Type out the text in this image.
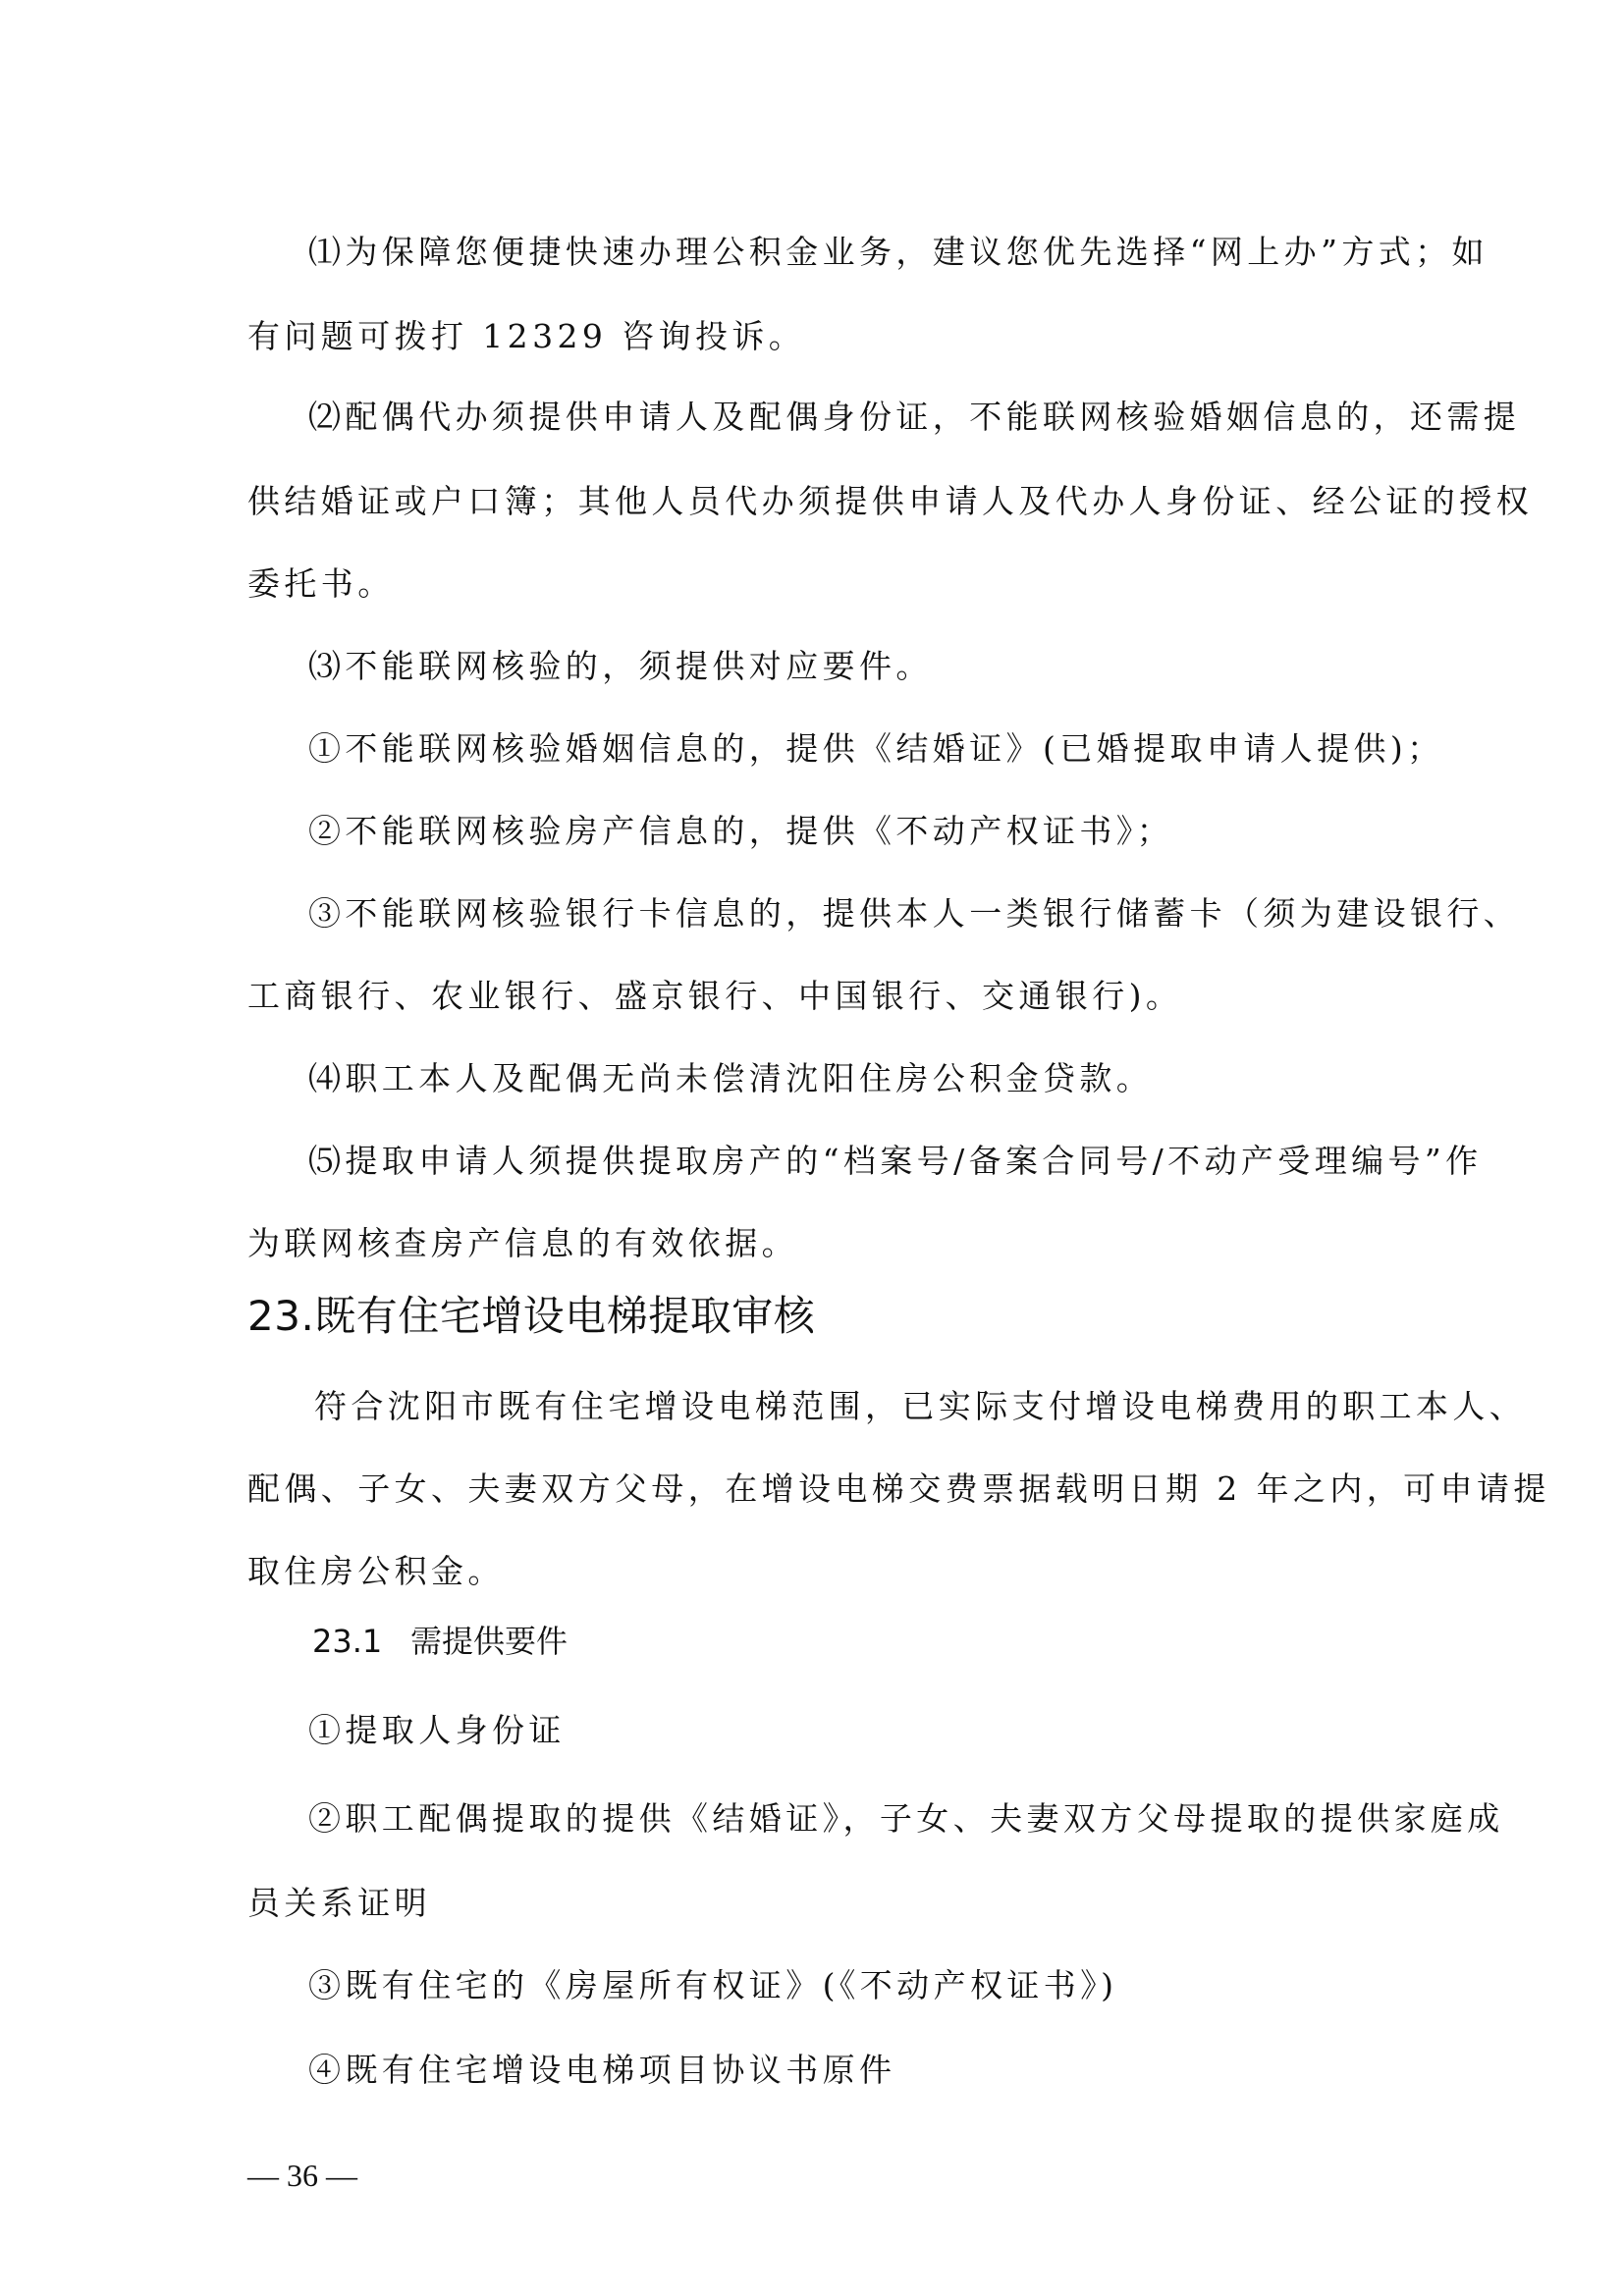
⑴为保障您便捷快速办理公积金业务，建议您优先选择“网上办”方式；如
有问题可拨打 12329 咨询投诉。
⑵配偶代办须提供申请人及配偶身份证，不能联网核验婚姻信息的，还需提
供结婚证或户口簿；其他人员代办须提供申请人及代办人身份证、经公证的授权
委托书。
⑶不能联网核验的，须提供对应要件。
①不能联网核验婚姻信息的，提供《结婚证》(已婚提取申请人提供)；
②不能联网核验房产信息的，提供《不动产权证书》；
③不能联网核验银行卡信息的，提供本人一类银行储蓄卡（须为建设银行、
工商银行、农业银行、盛京银行、中国银行、交通银行)。
⑷职工本人及配偶无尚未偿清沈阳住房公积金贷款。
⑸提取申请人须提供提取房产的“档案号/备案合同号/不动产受理编号”作
为联网核查房产信息的有效依据。
23.既有住宅增设电梯提取审核
符合沈阳市既有住宅增设电梯范围，已实际支付增设电梯费用的职工本人、
配偶、子女、夫妻双方父母，在增设电梯交费票据载明日期 2 年之内，可申请提
取住房公积金。
23.1 需提供要件
①提取人身份证
②职工配偶提取的提供《结婚证》，子女、夫妻双方父母提取的提供家庭成
员关系证明
③既有住宅的《房屋所有权证》(《不动产权证书》)
④既有住宅增设电梯项目协议书原件
— 36 —
